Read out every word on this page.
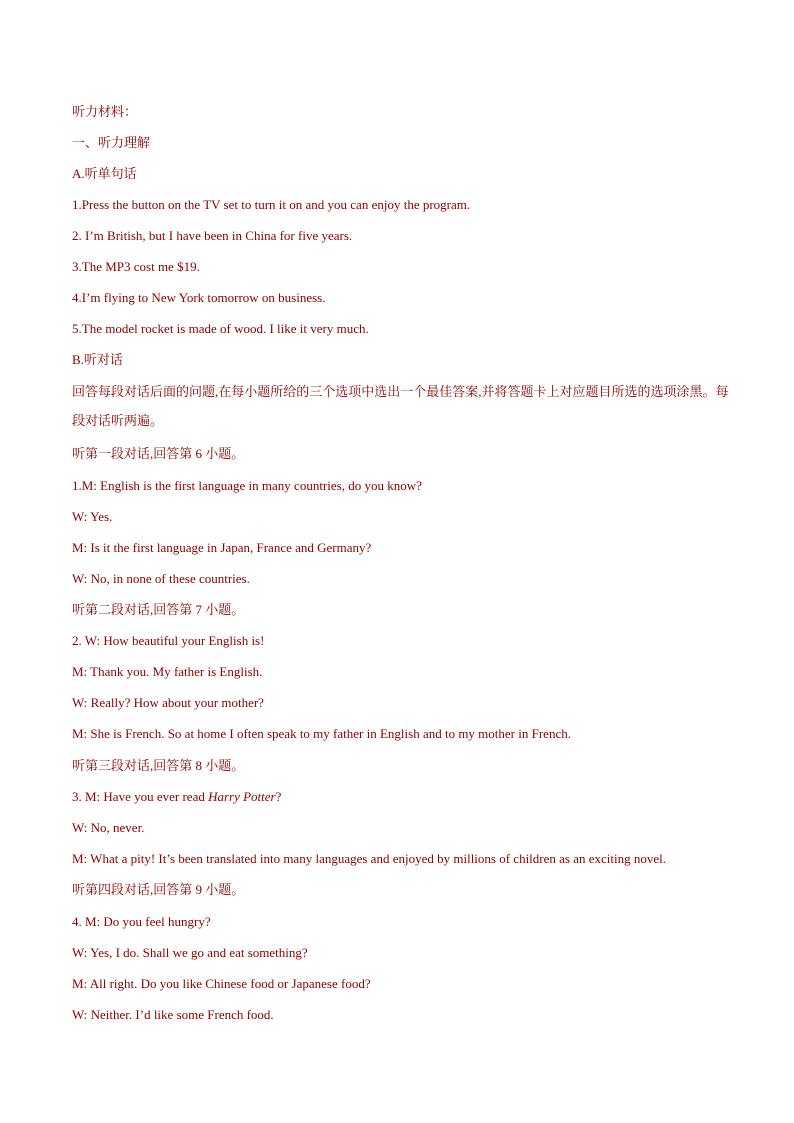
听力材料：
一、听力理解
A.听单句话
1.Press the button on the TV set to turn it on and you can enjoy the program.
2. I’m British, but I have been in China for five years.
3.The MP3 cost me $19.
4.I’m flying to New York tomorrow on business.
5.The model rocket is made of wood. I like it very much.
B.听对话
回答每段对话后面的问题,在每小题所给的三个选项中选出一个最佳答案,并将答题卡上对应题目所选的选项涂黑。每段对话听两遍。
听第一段对话,回答第 6 小题。
1.M: English is the first language in many countries, do you know?
W: Yes.
M: Is it the first language in Japan, France and Germany?
W: No, in none of these countries.
听第二段对话,回答第 7 小题。
2. W: How beautiful your English is!
M: Thank you. My father is English.
W: Really? How about your mother?
M: She is French. So at home I often speak to my father in English and to my mother in French.
听第三段对话,回答第 8 小题。
3. M: Have you ever read Harry Potter?
W: No, never.
M: What a pity! It’s been translated into many languages and enjoyed by millions of children as an exciting novel.
听第四段对话,回答第 9 小题。
4. M: Do you feel hungry?
W: Yes, I do. Shall we go and eat something?
M: All right. Do you like Chinese food or Japanese food?
W: Neither. I’d like some French food.
